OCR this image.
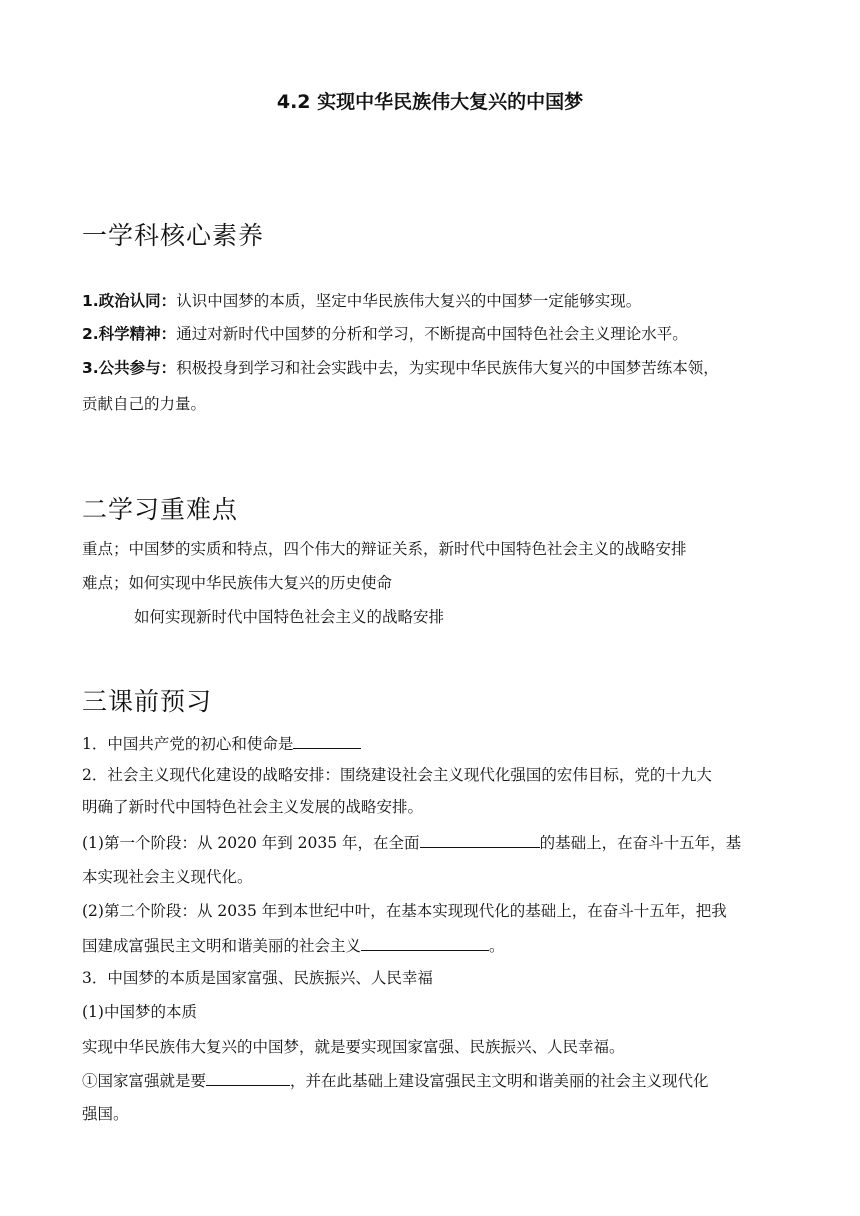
4.2 实现中华民族伟大复兴的中国梦
一学科核心素养
1.政治认同：认识中国梦的本质，坚定中华民族伟大复兴的中国梦一定能够实现。
2.科学精神：通过对新时代中国梦的分析和学习，不断提高中国特色社会主义理论水平。
3.公共参与：积极投身到学习和社会实践中去，为实现中华民族伟大复兴的中国梦苦练本领，
贡献自己的力量。
二学习重难点
重点；中国梦的实质和特点，四个伟大的辩证关系，新时代中国特色社会主义的战略安排
难点；如何实现中华民族伟大复兴的历史使命
如何实现新时代中国特色社会主义的战略安排
三课前预习
1．中国共产党的初心和使命是
2．社会主义现代化建设的战略安排：围绕建设社会主义现代化强国的宏伟目标，党的十九大
明确了新时代中国特色社会主义发展的战略安排。
(1)第一个阶段：从 2020 年到 2035 年，在全面	的基础上，在奋斗十五年，基
本实现社会主义现代化。
(2)第二个阶段：从 2035 年到本世纪中叶，在基本实现现代化的基础上，在奋斗十五年，把我
国建成富强民主文明和谐美丽的社会主义	。
3．中国梦的本质是国家富强、民族振兴、人民幸福
(1)中国梦的本质
实现中华民族伟大复兴的中国梦，就是要实现国家富强、民族振兴、人民幸福。
①国家富强就是要	，并在此基础上建设富强民主文明和谐美丽的社会主义现代化
强国。
